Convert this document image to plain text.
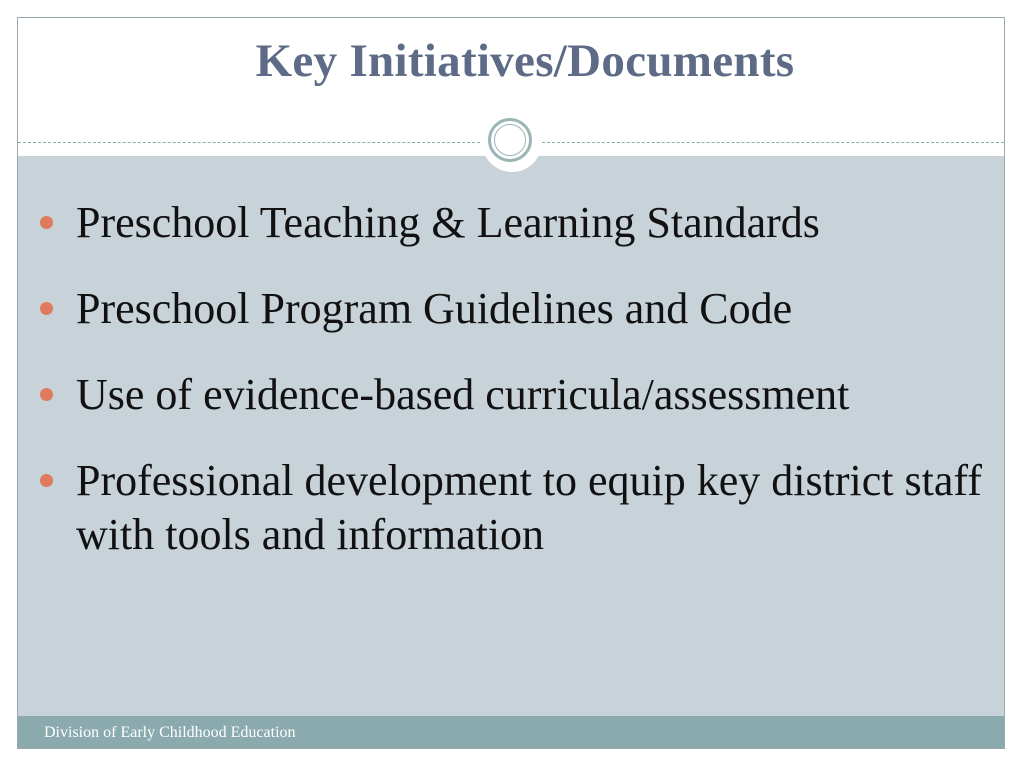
Key Initiatives/Documents
Preschool Teaching & Learning Standards
Preschool Program Guidelines and Code
Use of evidence-based curricula/assessment
Professional development to equip key district staff with tools and information
Division of Early Childhood Education
